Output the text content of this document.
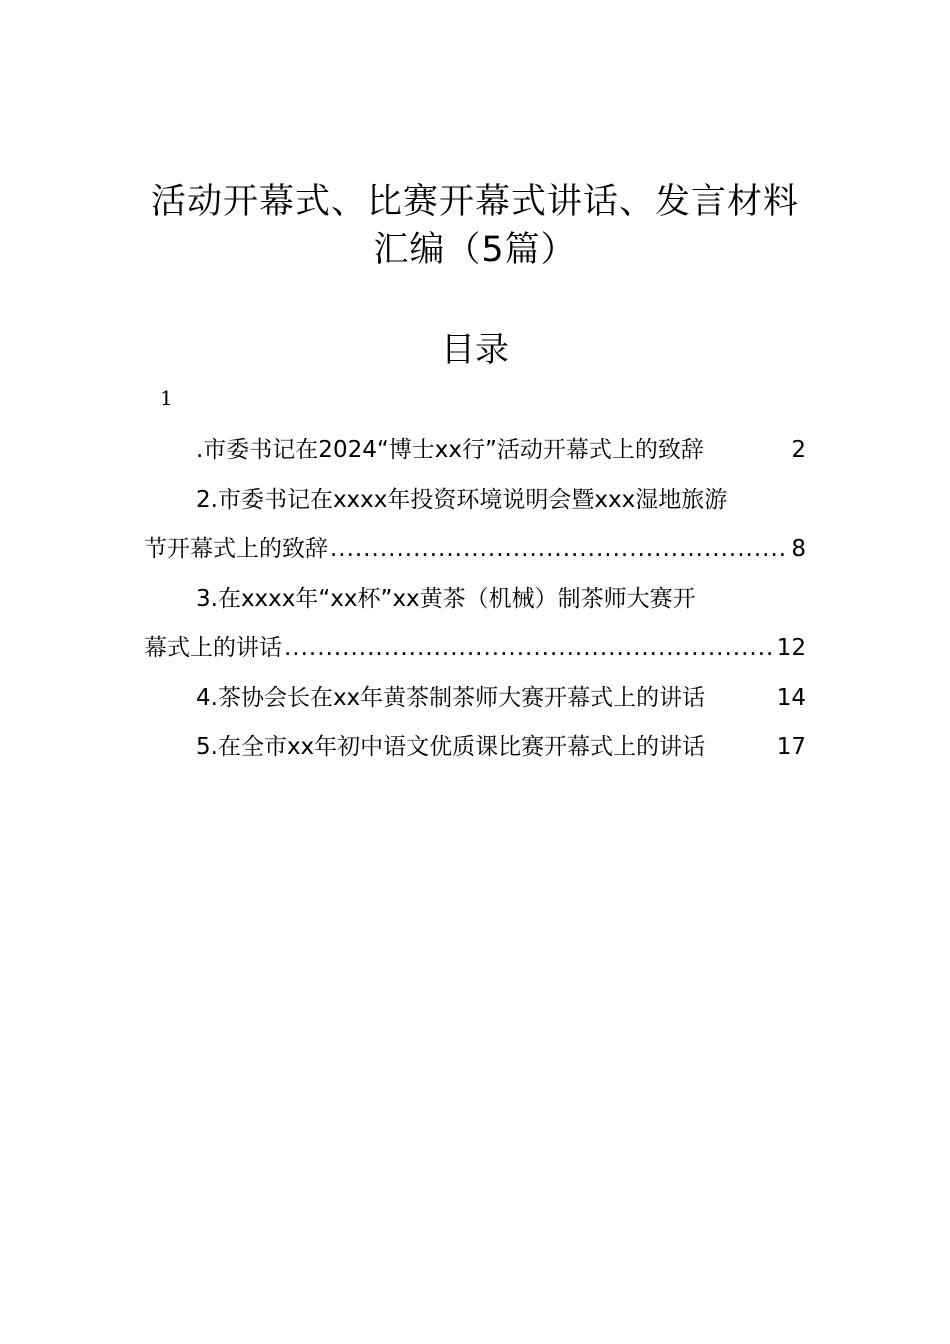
活动开幕式、比赛开幕式讲话、发言材料
汇编（5篇）
目录
1
.市委书记在2024“博士xx行”活动开幕式上的致辞	2
2.市委书记在xxxx年投资环境说明会暨xxx湿地旅游
节开幕式上的致辞 .....	8
3.在xxxx年“xx杯”xx黄茶（机械）制茶师大赛开
幕式上的讲话 .....	12
4.茶协会长在xx年黄茶制茶师大赛开幕式上的讲话	14
5.在全市xx年初中语文优质课比赛开幕式上的讲话	17
